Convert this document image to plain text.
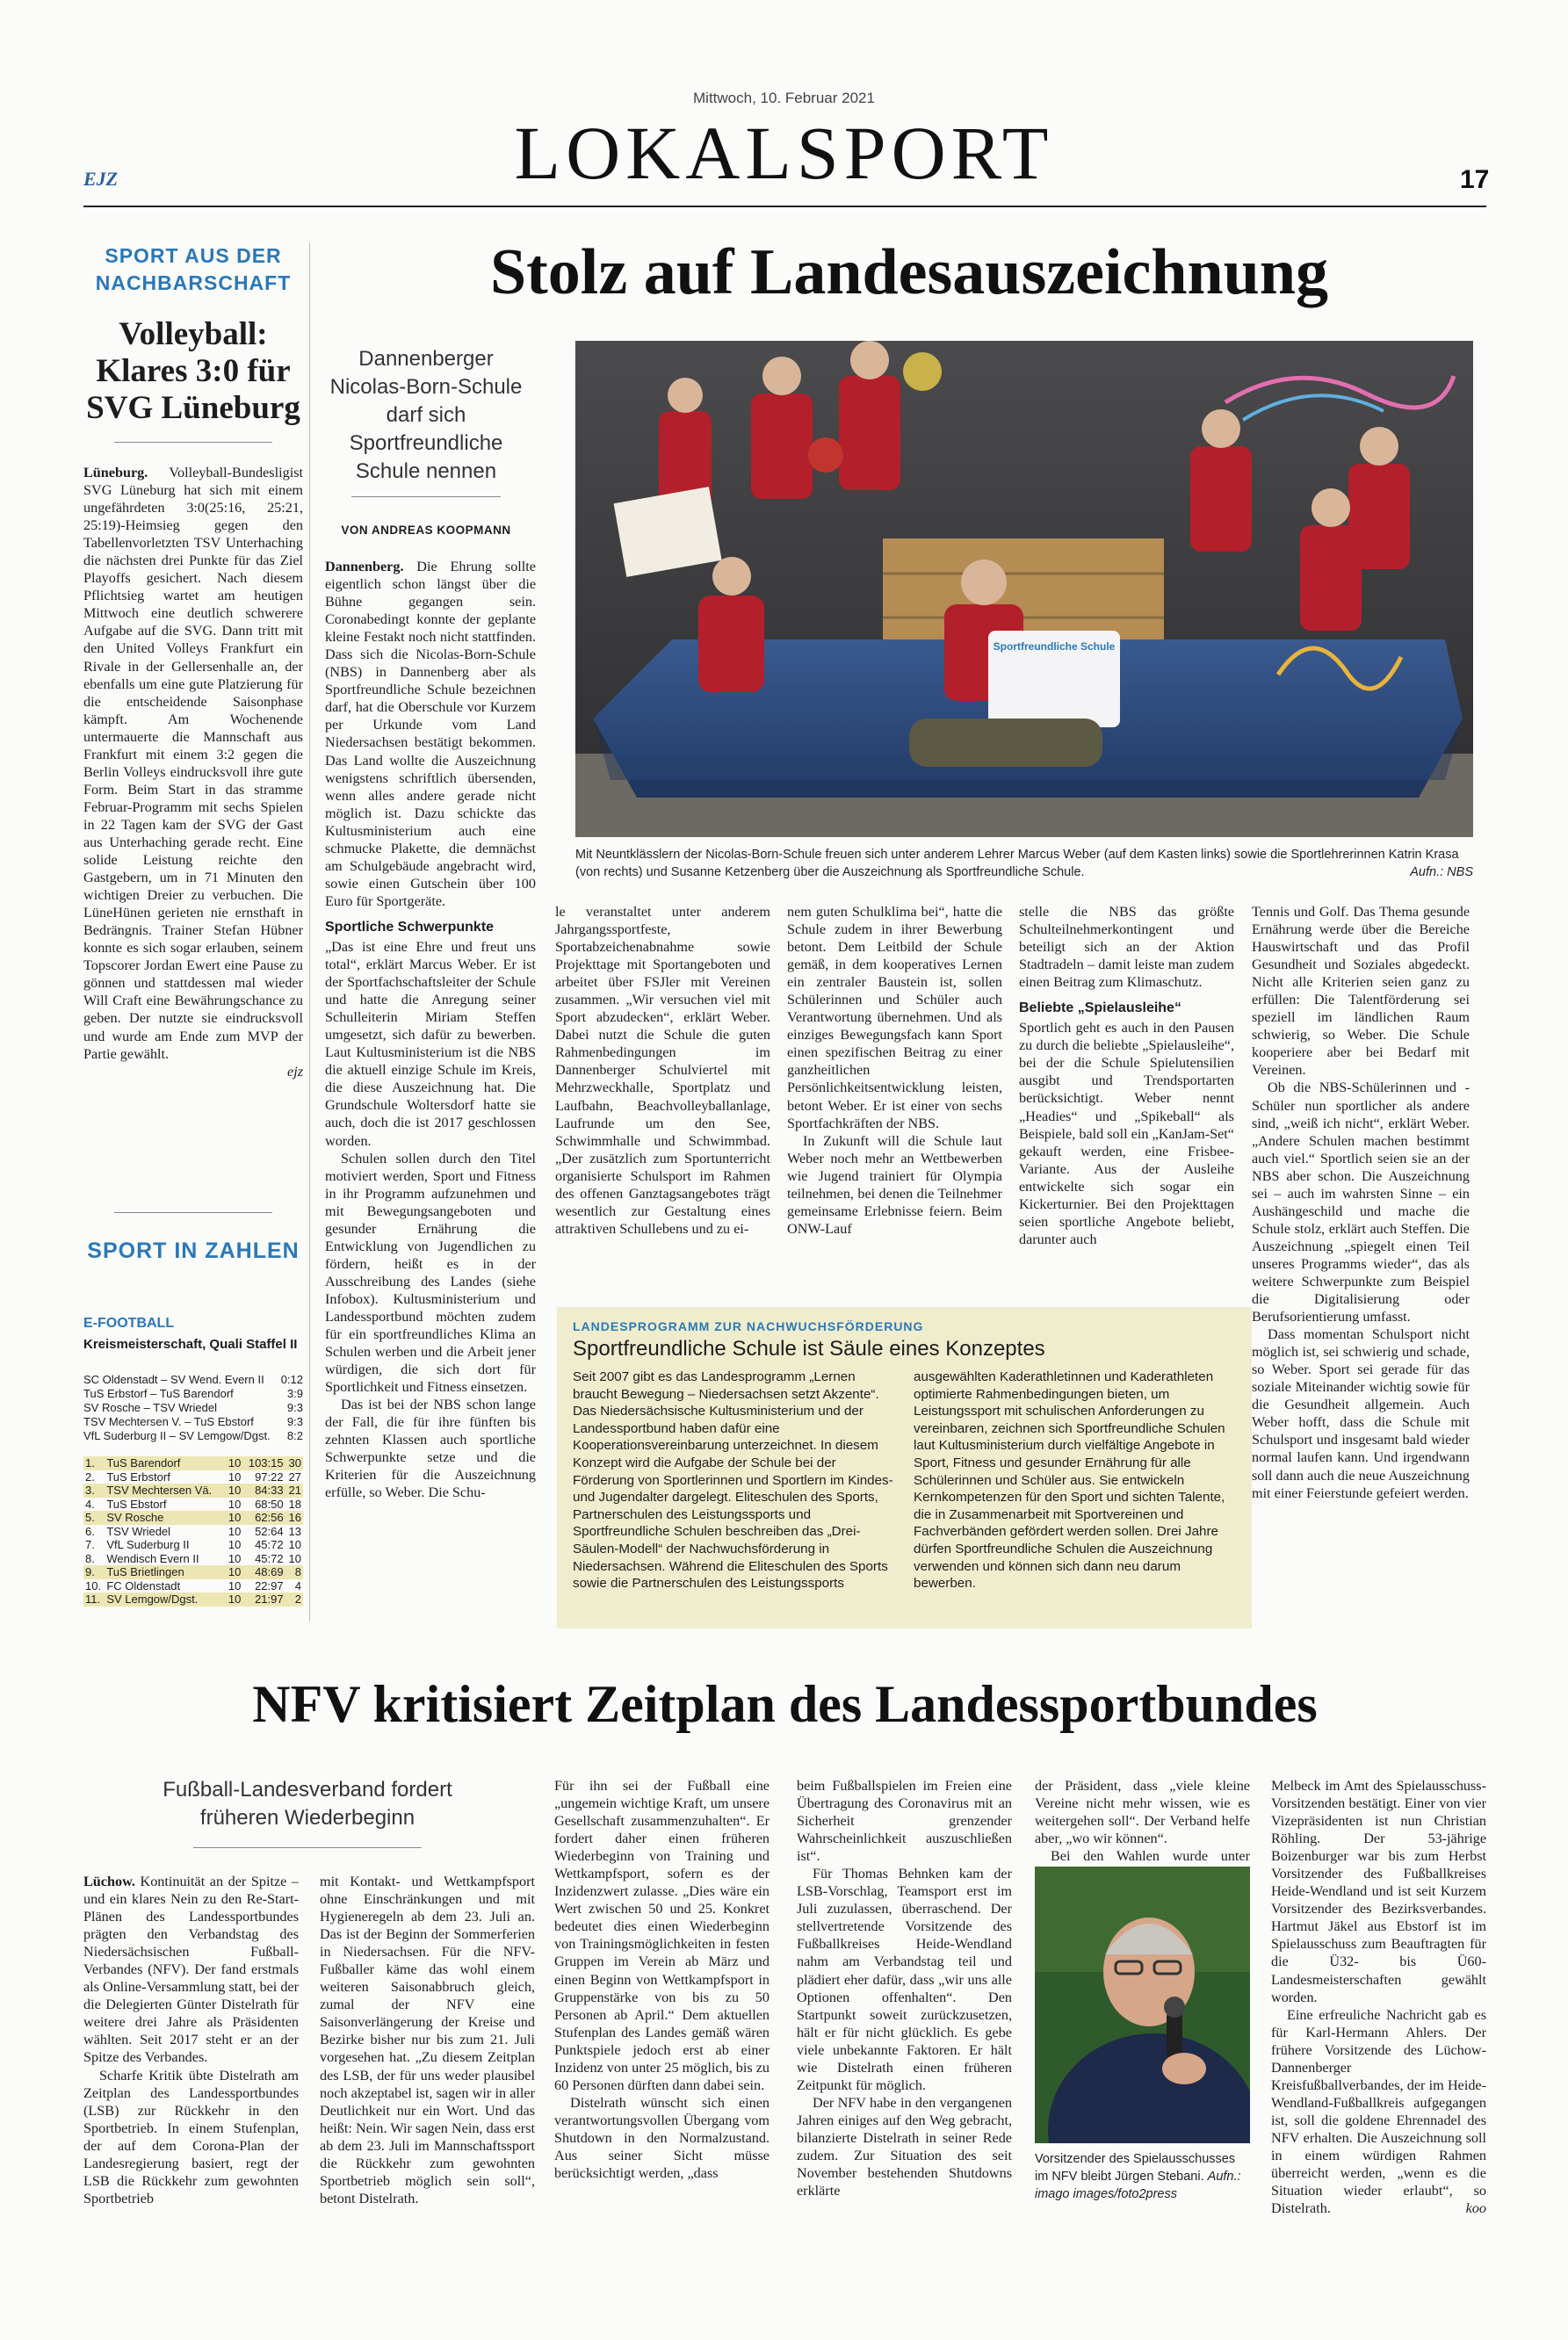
Mittwoch, 10. Februar 2021
LOKALSPORT
EJZ	17
SPORT AUS DER NACHBARSCHAFT
Volleyball: Klares 3:0 für SVG Lüneburg
Lüneburg. Volleyball-Bundesligist SVG Lüneburg hat sich mit einem ungefährdeten 3:0(25:16, 25:21, 25:19)-Heimsieg gegen den Tabellenvorletzten TSV Unterhaching die nächsten drei Punkte für das Ziel Playoffs gesichert. Nach diesem Pflichtsieg wartet am heutigen Mittwoch eine deutlich schwerere Aufgabe auf die SVG. Dann tritt mit den United Volleys Frankfurt ein Rivale in der Gellersenhalle an, der ebenfalls um eine gute Platzierung für die entscheidende Saisonphase kämpft. Am Wochenende untermauerte die Mannschaft aus Frankfurt mit einem 3:2 gegen die Berlin Volleys eindrucksvoll ihre gute Form. Beim Start in das stramme Februar-Programm mit sechs Spielen in 22 Tagen kam der SVG der Gast aus Unterhaching gerade recht. Eine solide Leistung reichte den Gastgebern, um in 71 Minuten den wichtigen Dreier zu verbuchen. Die LüneHünen gerieten nie ernsthaft in Bedrängnis. Trainer Stefan Hübner konnte es sich sogar erlauben, seinem Topscorer Jordan Ewert eine Pause zu gönnen und stattdessen mal wieder Will Craft eine Bewährungschance zu geben. Der nutzte sie eindrucksvoll und wurde am Ende zum MVP der Partie gewählt.
ejz
SPORT IN ZAHLEN
E-FOOTBALL
Kreismeisterschaft, Quali Staffel II
SC Oldenstadt – SV Wend. Evern II 0:12
TuS Erbstorf – TuS Barendorf	3:9
SV Rosche – TSV Wriedel	9:3
TSV Mechtersen V. – TuS Ebstorf	9:3
VfL Suderburg II – SV Lemgow/Dgst. 8:2
1.	TuS Barendorf	10	103:15	30
2.	TuS Erbstorf	10	97:22	27
3.	TSV Mechtersen Vä.	10	84:33	21
4.	TuS Ebstorf	10	68:50	18
5.	SV Rosche	10	62:56	16
6.	TSV Wriedel	10	52:64	13
7.	VfL Suderburg II	10	45:72	10
8.	Wendisch Evern II	10	45:72	10
9.	TuS Brietlingen	10	48:69	8
10.	FC Oldenstadt	10	22:97	4
11.	SV Lemgow/Dgst.	10	21:97	2
Stolz auf Landesauszeichnung
Dannenberger Nicolas-Born-Schule darf sich Sportfreundliche Schule nennen
VON ANDREAS KOOPMANN
Sportfreundliche Schule
Mit Neuntklässlern der Nicolas-Born-Schule freuen sich unter anderem Lehrer Marcus Weber (auf dem Kasten links) sowie die Sportlehrerinnen Katrin Krasa (von rechts) und Susanne Ketzenberg über die Auszeichnung als Sportfreundliche Schule.	Aufn.: NBS
Dannenberg. Die Ehrung sollte eigentlich schon längst über die Bühne gegangen sein. Coronabedingt konnte der geplante kleine Festakt noch nicht stattfinden. Dass sich die Nicolas-Born-Schule (NBS) in Dannenberg aber als Sportfreundliche Schule bezeichnen darf, hat die Oberschule vor Kurzem per Urkunde vom Land Niedersachsen bestätigt bekommen. Das Land wollte die Auszeichnung wenigstens schriftlich übersenden, wenn alles andere gerade nicht möglich ist. Dazu schickte das Kultusministerium auch eine schmucke Plakette, die demnächst am Schulgebäude angebracht wird, sowie einen Gutschein über 100 Euro für Sportgeräte.
Sportliche Schwerpunkte
„Das ist eine Ehre und freut uns total“, erklärt Marcus Weber. Er ist der Sportfachschaftsleiter der Schule und hatte die Anregung seiner Schulleiterin Miriam Steffen umgesetzt, sich dafür zu bewerben. Laut Kultusministerium ist die NBS die aktuell einzige Schule im Kreis, die diese Auszeichnung hat. Die Grundschule Woltersdorf hatte sie auch, doch die ist 2017 geschlossen worden.
Schulen sollen durch den Titel motiviert werden, Sport und Fitness in ihr Programm aufzunehmen und mit Bewegungsangeboten und gesunder Ernährung die Entwicklung von Jugendlichen zu fördern, heißt es in der Ausschreibung des Landes (siehe Infobox). Kultusministerium und Landessportbund möchten zudem für ein sportfreundliches Klima an Schulen werben und die Arbeit jener würdigen, die sich dort für Sportlichkeit und Fitness einsetzen.
Das ist bei der NBS schon lange der Fall, die für ihre fünften bis zehnten Klassen auch sportliche Schwerpunkte setze und die Kriterien für die Auszeichnung erfülle, so Weber. Die Schu-
le veranstaltet unter anderem Jahrgangssportfeste, Sportabzeichenabnahme sowie Projekttage mit Sportangeboten und arbeitet über FSJler mit Vereinen zusammen. „Wir versuchen viel mit Sport abzudecken“, erklärt Weber. Dabei nutzt die Schule die guten Rahmenbedingungen im Dannenberger Schulviertel mit Mehrzweckhalle, Sportplatz und Laufbahn, Beachvolleyballanlage, Laufrunde um den See, Schwimmhalle und Schwimmbad. „Der zusätzlich zum Sportunterricht organisierte Schulsport im Rahmen des offenen Ganztagsangebotes trägt wesentlich zur Gestaltung eines attraktiven Schullebens und zu ei-
nem guten Schulklima bei“, hatte die Schule zudem in ihrer Bewerbung betont. Dem Leitbild der Schule gemäß, in dem kooperatives Lernen ein zentraler Baustein ist, sollen Schülerinnen und Schüler auch Verantwortung übernehmen. Und als einziges Bewegungsfach kann Sport einen spezifischen Beitrag zu einer ganzheitlichen Persönlichkeitsentwicklung leisten, betont Weber. Er ist einer von sechs Sportfachkräften der NBS.
In Zukunft will die Schule laut Weber noch mehr an Wettbewerben wie Jugend trainiert für Olympia teilnehmen, bei denen die Teilnehmer gemeinsame Erlebnisse feiern. Beim ONW-Lauf
stelle die NBS das größte Schulteilnehmerkontingent und beteiligt sich an der Aktion Stadtradeln – damit leiste man zudem einen Beitrag zum Klimaschutz.
Beliebte „Spielausleihe“
Sportlich geht es auch in den Pausen zu durch die beliebte „Spielausleihe“, bei der die Schule Spielutensilien ausgibt und Trendsportarten berücksichtigt. Weber nennt „Headies“ und „Spikeball“ als Beispiele, bald soll ein „KanJam-Set“ gekauft werden, eine Frisbee-Variante. Aus der Ausleihe entwickelte sich sogar ein Kickerturnier. Bei den Projekttagen seien sportliche Angebote beliebt, darunter auch
Tennis und Golf. Das Thema gesunde Ernährung werde über die Bereiche Hauswirtschaft und das Profil Gesundheit und Soziales abgedeckt. Nicht alle Kriterien seien ganz zu erfüllen: Die Talentförderung sei speziell im ländlichen Raum schwierig, so Weber. Die Schule kooperiere aber bei Bedarf mit Vereinen.
Ob die NBS-Schülerinnen und -Schüler nun sportlicher als andere sind, „weiß ich nicht“, erklärt Weber. „Andere Schulen machen bestimmt auch viel.“ Sportlich seien sie an der NBS aber schon. Die Auszeichnung sei – auch im wahrsten Sinne – ein Aushängeschild und mache die Schule stolz, erklärt auch Steffen. Die Auszeichnung „spiegelt einen Teil unseres Programms wieder“, das als weitere Schwerpunkte zum Beispiel die Digitalisierung oder Berufsorientierung umfasst.
Dass momentan Schulsport nicht möglich ist, sei schwierig und schade, so Weber. Sport sei gerade für das soziale Miteinander wichtig sowie für die Gesundheit allgemein. Auch Weber hofft, dass die Schule mit Schulsport und insgesamt bald wieder normal laufen kann. Und irgendwann soll dann auch die neue Auszeichnung mit einer Feierstunde gefeiert werden.
LANDESPROGRAMM ZUR NACHWUCHSFÖRDERUNG
Sportfreundliche Schule ist Säule eines Konzeptes
Seit 2007 gibt es das Landesprogramm „Lernen braucht Bewegung – Niedersachsen setzt Akzente“. Das Niedersächsische Kultusministerium und der Landessportbund haben dafür eine Kooperationsvereinbarung unterzeichnet. In diesem Konzept wird die Aufgabe der Schule bei der Förderung von Sportlerinnen und Sportlern im Kindes- und Jugendalter dargelegt. Eliteschulen des Sports, Partnerschulen des Leistungssports und Sportfreundliche Schulen beschreiben das „Drei-Säulen-Modell“ der Nachwuchsförderung in Niedersachsen. Während die Eliteschulen des Sports sowie die Partnerschulen des Leistungssports
ausgewählten Kaderathletinnen und Kaderathleten optimierte Rahmenbedingungen bieten, um Leistungssport mit schulischen Anforderungen zu vereinbaren, zeichnen sich Sportfreundliche Schulen laut Kultusministerium durch vielfältige Angebote in Sport, Fitness und gesunder Ernährung für alle Schülerinnen und Schüler aus. Sie entwickeln Kernkompetenzen für den Sport und sichten Talente, die in Zusammenarbeit mit Sportvereinen und Fachverbänden gefördert werden sollen. Drei Jahre dürfen Sportfreundliche Schulen die Auszeichnung verwenden und können sich dann neu darum bewerben.
NFV kritisiert Zeitplan des Landessportbundes
Fußball-Landesverband fordert früheren Wiederbeginn
Lüchow. Kontinuität an der Spitze – und ein klares Nein zu den Re-Start-Plänen des Landessportbundes prägten den Verbandstag des Niedersächsischen Fußball-Verbandes (NFV). Der fand erstmals als Online-Versammlung statt, bei der die Delegierten Günter Distelrath für weitere drei Jahre als Präsidenten wählten. Seit 2017 steht er an der Spitze des Verbandes.
Scharfe Kritik übte Distelrath am Zeitplan des Landessportbundes (LSB) zur Rückkehr in den Sportbetrieb. In einem Stufenplan, der auf dem Corona-Plan der Landesregierung basiert, regt der LSB die Rückkehr zum gewohnten Sportbetrieb
mit Kontakt- und Wettkampfsport ohne Einschränkungen und mit Hygieneregeln ab dem 23. Juli an. Das ist der Beginn der Sommerferien in Niedersachsen. Für die NFV-Fußballer käme das wohl einem weiteren Saisonabbruch gleich, zumal der NFV eine Saisonverlängerung der Kreise und Bezirke bisher nur bis zum 21. Juli vorgesehen hat. „Zu diesem Zeitplan des LSB, der für uns weder plausibel noch akzeptabel ist, sagen wir in aller Deutlichkeit nur ein Wort. Und das heißt: Nein. Wir sagen Nein, dass erst ab dem 23. Juli im Mannschaftssport die Rückkehr zum gewohnten Sportbetrieb möglich sein soll“, betont Distelrath.
Für ihn sei der Fußball eine „ungemein wichtige Kraft, um unsere Gesellschaft zusammenzuhalten“. Er fordert daher einen früheren Wiederbeginn von Training und Wettkampfsport, sofern es der Inzidenzwert zulasse. „Dies wäre ein Wert zwischen 50 und 25. Konkret bedeutet dies einen Wiederbeginn von Trainingsmöglichkeiten in festen Gruppen im Verein ab März und einen Beginn von Wettkampfsport in Gruppenstärke von bis zu 50 Personen ab April.“ Dem aktuellen Stufenplan des Landes gemäß wären Punktspiele jedoch erst ab einer Inzidenz von unter 25 möglich, bis zu 60 Personen dürften dann dabei sein.
Distelrath wünscht sich einen verantwortungsvollen Übergang vom Shutdown in den Normalzustand. Aus seiner Sicht müsse berücksichtigt werden, „dass
beim Fußballspielen im Freien eine Übertragung des Coronavirus mit an Sicherheit grenzender Wahrscheinlichkeit auszuschließen ist“.
Für Thomas Behnken kam der LSB-Vorschlag, Teamsport erst im Juli zuzulassen, überraschend. Der stellvertretende Vorsitzende des Fußballkreises Heide-Wendland nahm am Verbandstag teil und plädiert eher dafür, dass „wir uns alle Optionen offenhalten“. Den Startpunkt soweit zurückzusetzen, hält er für nicht glücklich. Es gebe viele unbekannte Faktoren. Er hält wie Distelrath einen früheren Zeitpunkt für möglich.
Der NFV habe in den vergangenen Jahren einiges auf den Weg gebracht, bilanzierte Distelrath in seiner Rede zudem. Zur Situation des seit November bestehenden Shutdowns erklärte
der Präsident, dass „viele kleine Vereine nicht mehr wissen, wie es weitergehen soll“. Der Verband helfe aber, „wo wir können“.
Bei den Wahlen wurde unter
Vorsitzender des Spielausschusses im NFV bleibt Jürgen Stebani. Aufn.: imago images/foto2press
Melbeck im Amt des Spielausschuss-Vorsitzenden bestätigt. Einer von vier Vizepräsidenten ist nun Christian Röhling. Der 53-jährige Boizenburger war bis zum Herbst Vorsitzender des Fußballkreises Heide-Wendland und ist seit Kurzem Vorsitzender des Bezirksverbandes. Hartmut Jäkel aus Ebstorf ist im Spielausschuss zum Beauftragten für die Ü32- bis Ü60-Landesmeisterschaften gewählt worden.
Eine erfreuliche Nachricht gab es für Karl-Hermann Ahlers. Der frühere Vorsitzende des Lüchow-Dannenberger Kreisfußballverbandes, der im Heide-Wendland-Fußballkreis aufgegangen ist, soll die goldene Ehrennadel des NFV erhalten. Die Auszeichnung soll in einem würdigen Rahmen überreicht werden, „wenn es die Situation wieder erlaubt“, so Distelrath.	koo
